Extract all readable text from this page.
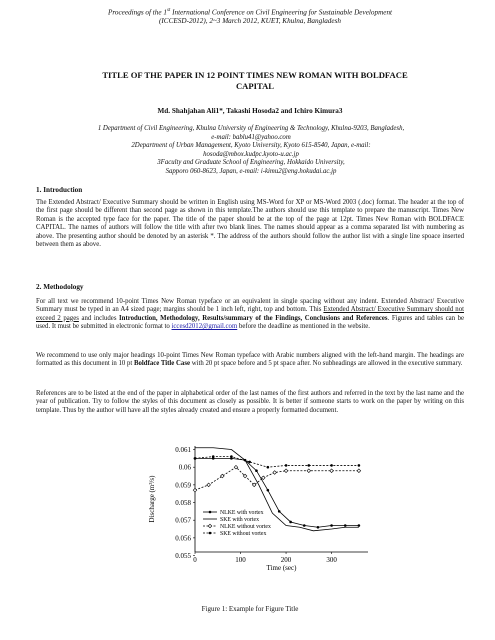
Proceedings of the 1st International Conference on Civil Engineering for Sustainable Development
(ICCESD-2012), 2~3 March 2012, KUET, Khulna, Bangladesh
TITLE OF THE PAPER IN 12 POINT TIMES NEW ROMAN WITH BOLDFACE
CAPITAL
Md. Shahjahan Ali1*, Takashi Hosoda2 and Ichiro Kimura3
1 Department of Civil Engineering, Khulna University of Engineering & Technology, Khulna-9203, Bangladesh,
e-mail: bablu41@yahoo.com
2Department of Urban Management, Kyoto University, Kyoto 615-8540, Japan, e-mail:
hosoda@mbox.kudpc.kyoto-u.ac.jp
3Faculty and Graduate School of Engineering, Hokkaido University,
Sapporo 060-8623, Japan, e-mail: i-kimu2@eng.hokudai.ac.jp
1. Introduction
The Extended Abstract/ Executive Summary should be written in English using MS-Word for XP or MS-Word 2003 (.doc) format. The header at the top of the first page should be different than second page as shown in this template.The authors should use this template to prepare the manuscript. Times New Roman is the accepted type face for the paper. The title of the paper should be at the top of the page at 12pt. Times New Roman with BOLDFACE CAPITAL. The names of authors will follow the title with after two blank lines. The names should appear as a comma separated list with numbering as above. The presenting author should be denoted by an asterisk *. The address of the authors should follow the author list with a single line spoace inserted between them as above.
2. Methodology
For all text we recommend 10-point Times New Roman typeface or an equivalent in single spacing without any indent. Extended Abstract/ Executive Summary must be typed in an A4 sized page; margins should be 1 inch left, right, top and bottom. This Extended Abstract/ Executive Summary should not exceed 2 pages and includes Introduction, Methodology, Results/summary of the Findings, Conclusions and References. Figures and tables can be used. It must be submitted in electronic format to iccesd2012@gmail.com before the deadline as mentioned in the website.
We recommend to use only major headings 10-point Times New Roman typeface with Arabic numbers aligned with the left-hand margin. The headings are formatted as this document in 10 pt Boldface Title Case with 20 pt space before and 5 pt space after. No subheadings are allowed in the executive summary.
References are to be listed at the end of the paper in alphabetical order of the last names of the first authors and referred in the text by the last name and the year of publication. Try to follow the styles of this document as closely as possible. It is better if someone starts to work on the paper by writing on this template. Thus by the author will have all the styles already created and ensure a properly formatted document.
0.055
0.056
0.057
0.058
0.059
0.06
0.061
0	100	200	300
Time (sec)
Discharge (m³/s)	NLKE with vortex
SKE with vortex
NLKE without vortex
SKE without vortex
Figure 1: Example for Figure Title
